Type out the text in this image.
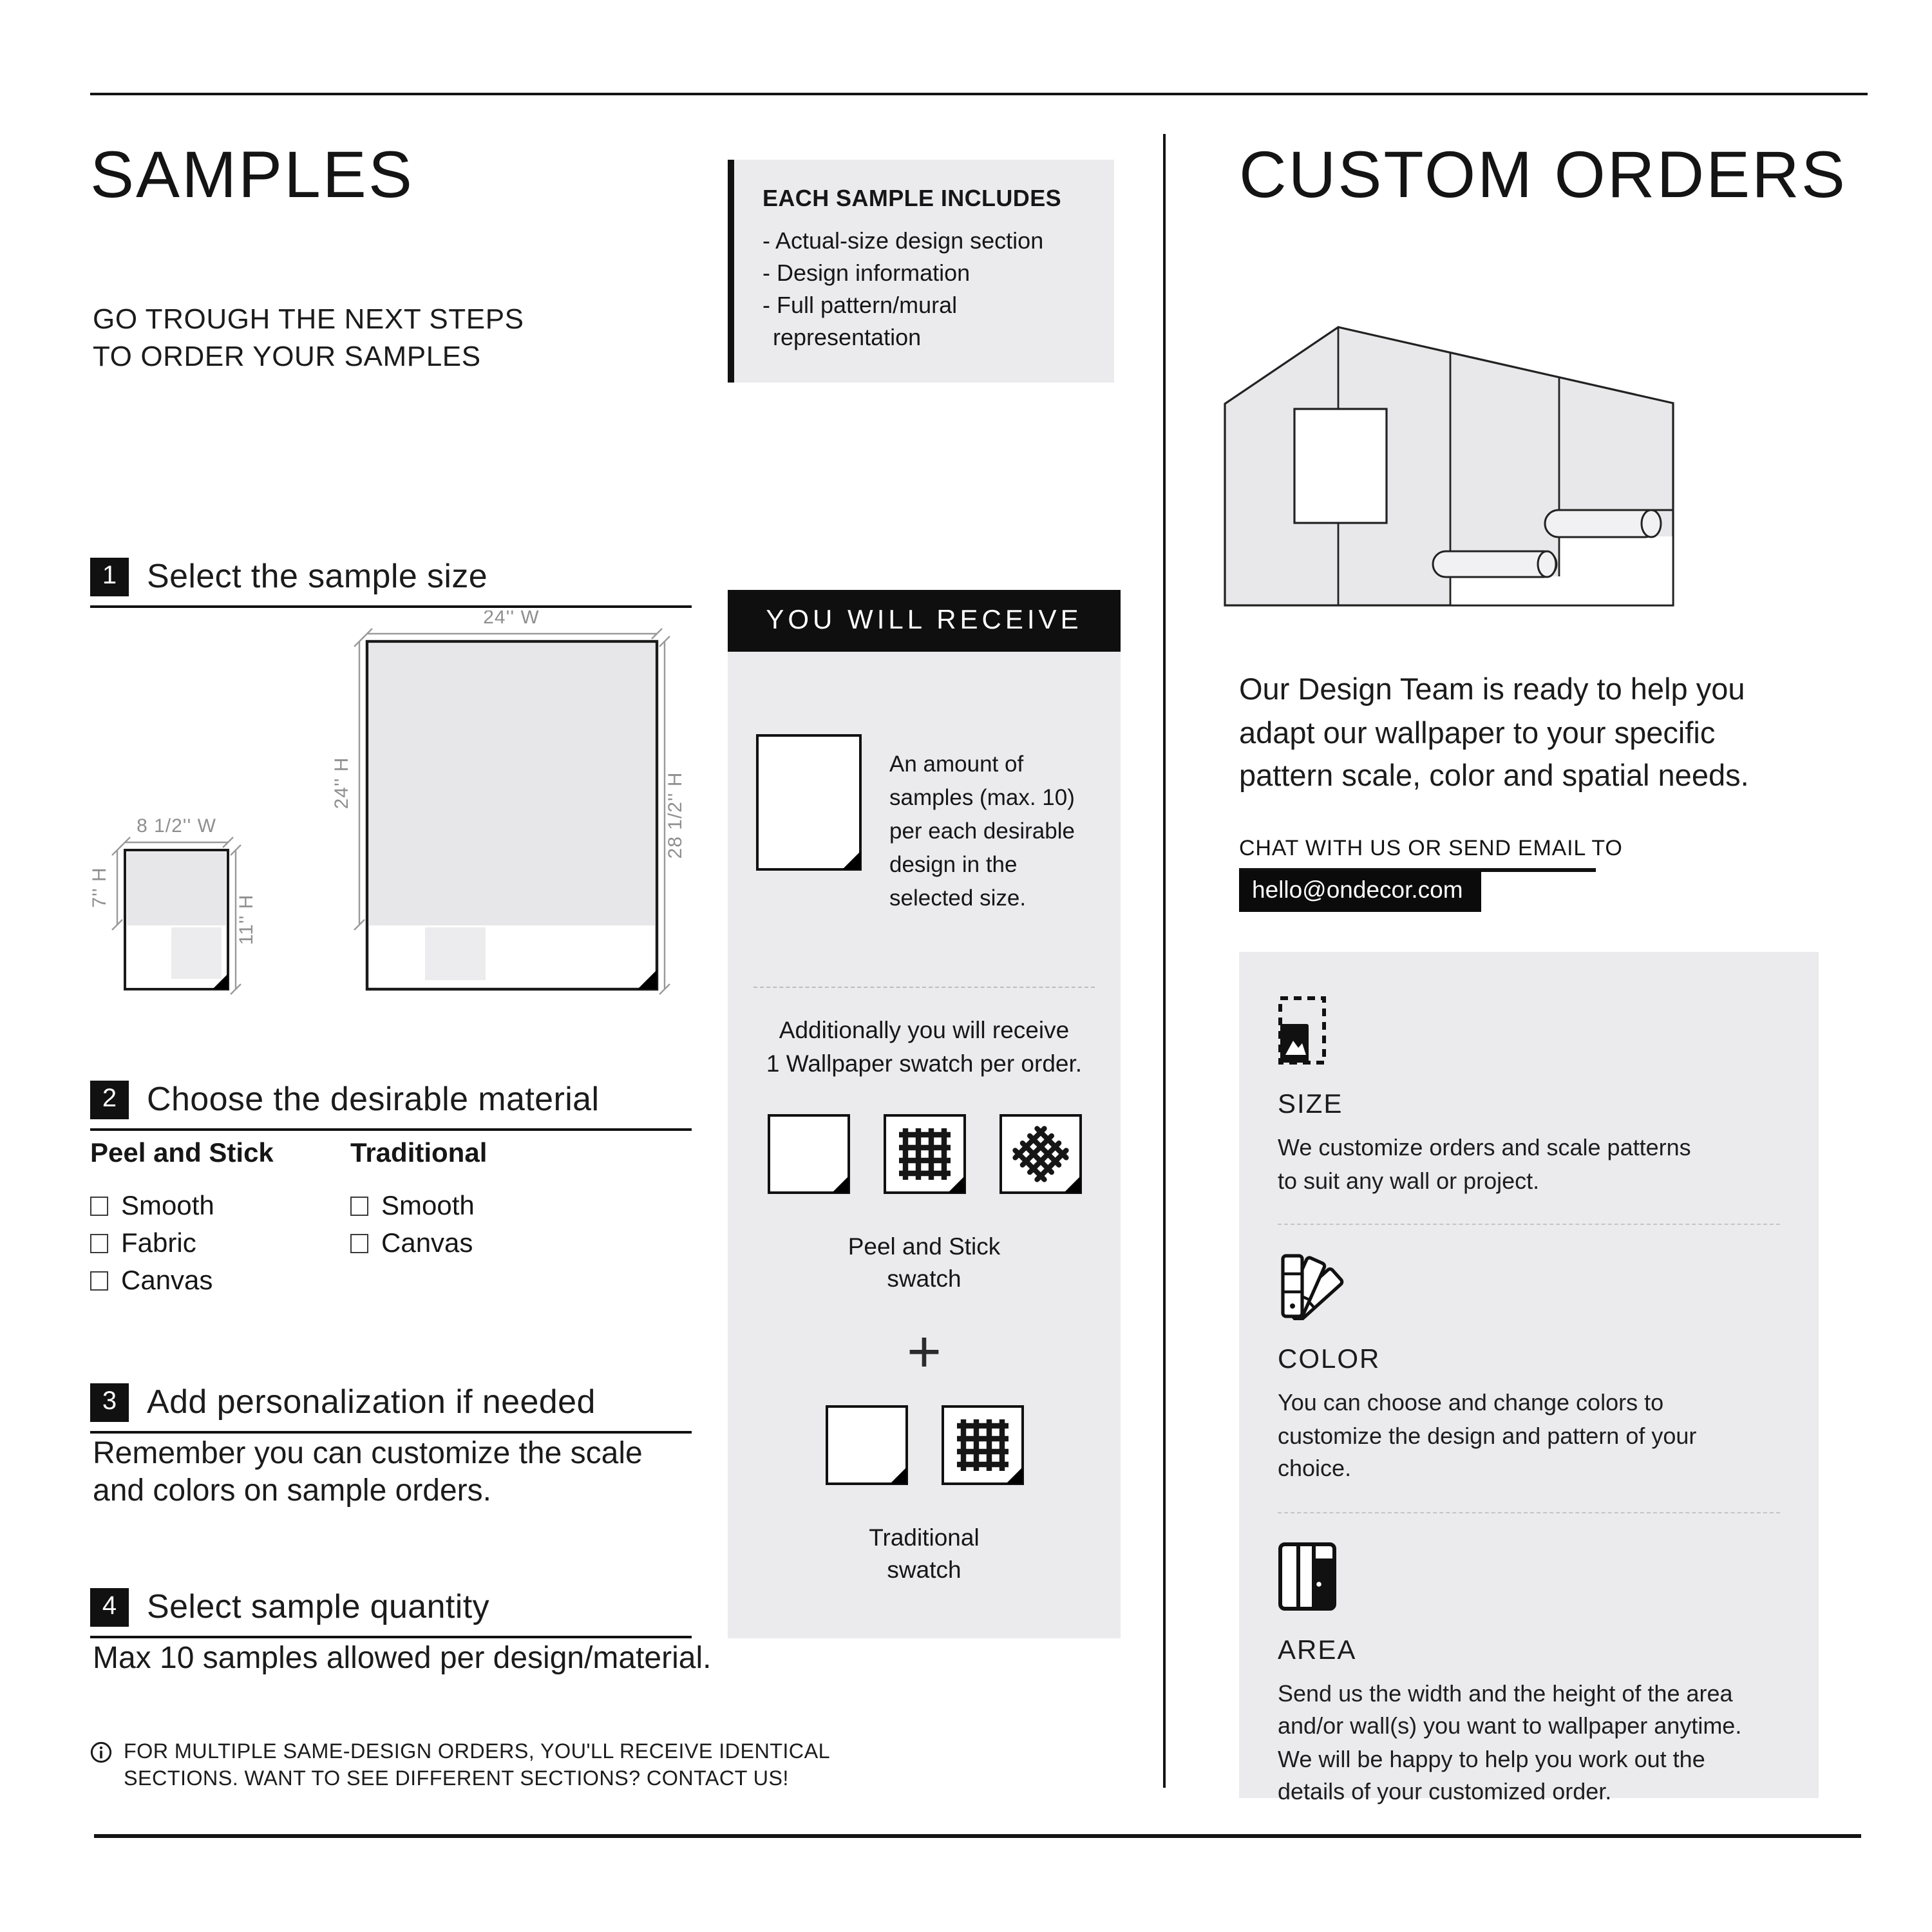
SAMPLES
GO TROUGH THE NEXT STEPS
TO ORDER YOUR SAMPLES
EACH SAMPLE INCLUDES
- Actual-size design section
- Design information
- Full pattern/mural
representation
1	Select the sample size
24'' W
24'' H	28 1/2'' H
8 1/2'' W
7'' H
11'' H
2	Choose the desirable material
Peel and Stick
Smooth
Fabric
Canvas
Traditional
Smooth
Canvas
3	Add personalization if needed
Remember you can customize the scale
and colors on sample orders.
4	Select sample quantity
Max 10 samples allowed per design/material.
FOR MULTIPLE SAME-DESIGN ORDERS, YOU'LL RECEIVE IDENTICAL
SECTIONS. WANT TO SEE DIFFERENT SECTIONS? CONTACT US!
YOU WILL RECEIVE
An amount of
samples (max. 10)
per each desirable
design in the
selected size.
Additionally you will receive
1 Wallpaper swatch per order.
Peel and Stick
swatch
+
Traditional
swatch
CUSTOM ORDERS
Our Design Team is ready to help you
adapt our wallpaper to your specific
pattern scale, color and spatial needs.
CHAT WITH US OR SEND EMAIL TO
hello@ondecor.com
SIZE
We customize orders and scale patterns
to suit any wall or project.
COLOR
You can choose and change colors to
customize the design and pattern of your
choice.
AREA
Send us the width and the height of the area
and/or wall(s) you want to wallpaper anytime.
We will be happy to help you work out the
details of your customized order.
